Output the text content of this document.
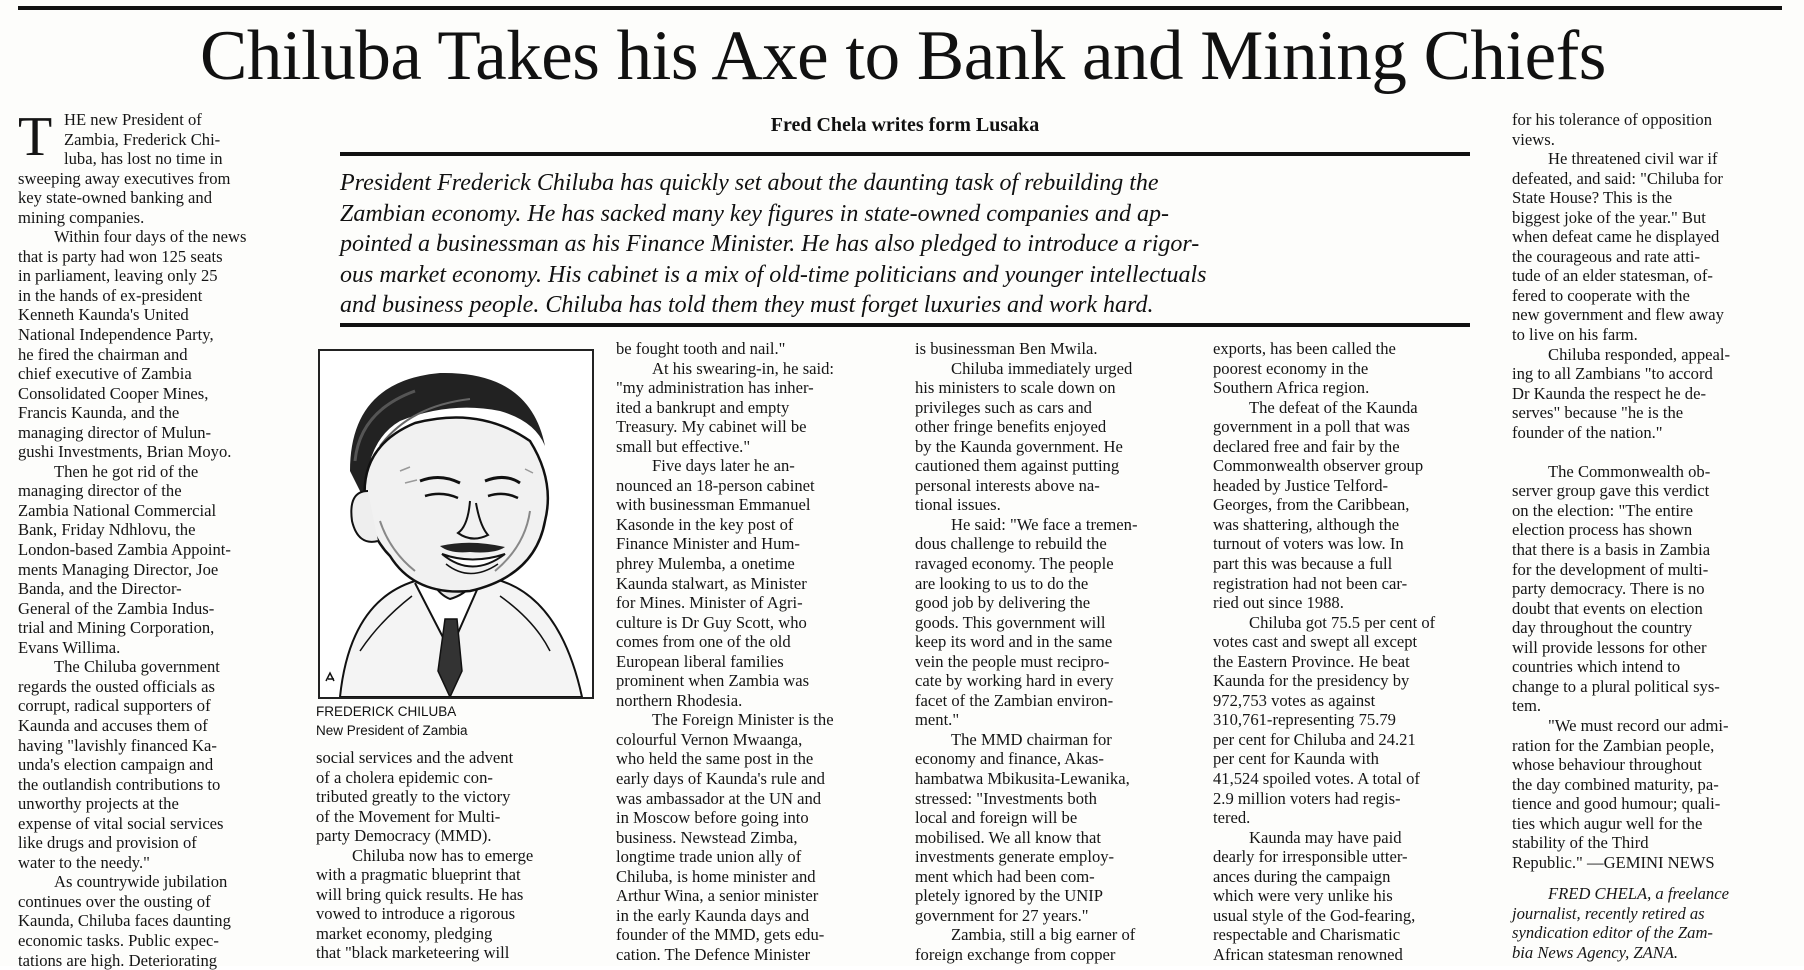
Chiluba Takes his Axe to Bank and Mining Chiefs
T HE new President of

Zambia, Frederick Chi-

luba, has lost no time in

sweeping away executives from

key state-owned banking and

mining companies.

Within four days of the news

that is party had won 125 seats

in parliament, leaving only 25

in the hands of ex-president

Kenneth Kaunda's United

National Independence Party,

he fired the chairman and

chief executive of Zambia

Consolidated Cooper Mines,

Francis Kaunda, and the

managing director of Mulun-

gushi Investments, Brian Moyo.

Then he got rid of the

managing director of the

Zambia National Commercial

Bank, Friday Ndhlovu, the

London-based Zambia Appoint-

ments Managing Director, Joe

Banda, and the Director-

General of the Zambia Indus-

trial and Mining Corporation,

Evans Willima.

The Chiluba government

regards the ousted officials as

corrupt, radical supporters of

Kaunda and accuses them of

having "lavishly financed Ka-

unda's election campaign and

the outlandish contributions to

unworthy projects at the

expense of vital social services

like drugs and provision of

water to the needy."

As countrywide jubilation

continues over the ousting of

Kaunda, Chiluba faces daunting

economic tasks. Public expec-

tations are high. Deteriorating

Fred Chela writes form Lusaka

President Frederick Chiluba has quickly set about the daunting task of rebuilding the

Zambian economy. He has sacked many key figures in state-owned companies and ap-

pointed a businessman as his Finance Minister. He has also pledged to introduce a rigor-

ous market economy. His cabinet is a mix of old-time politicians and younger intellectuals

and business people. Chiluba has told them they must forget luxuries and work hard.

FREDERICK CHILUBA
New President of Zambia

social services and the advent

of a cholera epidemic con-

tributed greatly to the victory

of the Movement for Multi-

party Democracy (MMD).

Chiluba now has to emerge

with a pragmatic blueprint that

will bring quick results. He has

vowed to introduce a rigorous

market economy, pledging

that "black marketeering will

be fought tooth and nail."

At his swearing-in, he said:

"my administration has inher-

ited a bankrupt and empty

Treasury. My cabinet will be

small but effective."

Five days later he an-

nounced an 18-person cabinet

with businessman Emmanuel

Kasonde in the key post of

Finance Minister and Hum-

phrey Mulemba, a onetime

Kaunda stalwart, as Minister

for Mines. Minister of Agri-

culture is Dr Guy Scott, who

comes from one of the old

European liberal families

prominent when Zambia was

northern Rhodesia.

The Foreign Minister is the

colourful Vernon Mwaanga,

who held the same post in the

early days of Kaunda's rule and

was ambassador at the UN and

in Moscow before going into

business. Newstead Zimba,

longtime trade union ally of

Chiluba, is home minister and

Arthur Wina, a senior minister

in the early Kaunda days and

founder of the MMD, gets edu-

cation. The Defence Minister

is businessman Ben Mwila.

Chiluba immediately urged

his ministers to scale down on

privileges such as cars and

other fringe benefits enjoyed

by the Kaunda government. He

cautioned them against putting

personal interests above na-

tional issues.

He said: "We face a tremen-

dous challenge to rebuild the

ravaged economy. The people

are looking to us to do the

good job by delivering the

goods. This government will

keep its word and in the same

vein the people must recipro-

cate by working hard in every

facet of the Zambian environ-

ment."

The MMD chairman for

economy and finance, Akas-

hambatwa Mbikusita-Lewanika,

stressed: "Investments both

local and foreign will be

mobilised. We all know that

investments generate employ-

ment which had been com-

pletely ignored by the UNIP

government for 27 years."

Zambia, still a big earner of

foreign exchange from copper

exports, has been called the

poorest economy in the

Southern Africa region.

The defeat of the Kaunda

government in a poll that was

declared free and fair by the

Commonwealth observer group

headed by Justice Telford-

Georges, from the Caribbean,

was shattering, although the

turnout of voters was low. In

part this was because a full

registration had not been car-

ried out since 1988.

Chiluba got 75.5 per cent of

votes cast and swept all except

the Eastern Province. He beat

Kaunda for the presidency by

972,753 votes as against

310,761-representing 75.79

per cent for Chiluba and 24.21

per cent for Kaunda with

41,524 spoiled votes. A total of

2.9 million voters had regis-

tered.

Kaunda may have paid

dearly for irresponsible utter-

ances during the campaign

which were very unlike his

usual style of the God-fearing,

respectable and Charismatic

African statesman renowned

for his tolerance of opposition

views.

He threatened civil war if

defeated, and said: "Chiluba for

State House? This is the

biggest joke of the year." But

when defeat came he displayed

the courageous and rate atti-

tude of an elder statesman, of-

fered to cooperate with the

new government and flew away

to live on his farm.

Chiluba responded, appeal-

ing to all Zambians "to accord

Dr Kaunda the respect he de-

serves" because "he is the

founder of the nation."

The Commonwealth ob-

server group gave this verdict

on the election: "The entire

election process has shown

that there is a basis in Zambia

for the development of multi-

party democracy. There is no

doubt that events on election

day throughout the country

will provide lessons for other

countries which intend to

change to a plural political sys-

tem.

"We must record our admi-

ration for the Zambian people,

whose behaviour throughout

the day combined maturity, pa-

tience and good humour; quali-

ties which augur well for the

stability of the Third

Republic." —GEMINI NEWS

FRED CHELA, a freelance

journalist, recently retired as

syndication editor of the Zam-

bia News Agency, ZANA.
